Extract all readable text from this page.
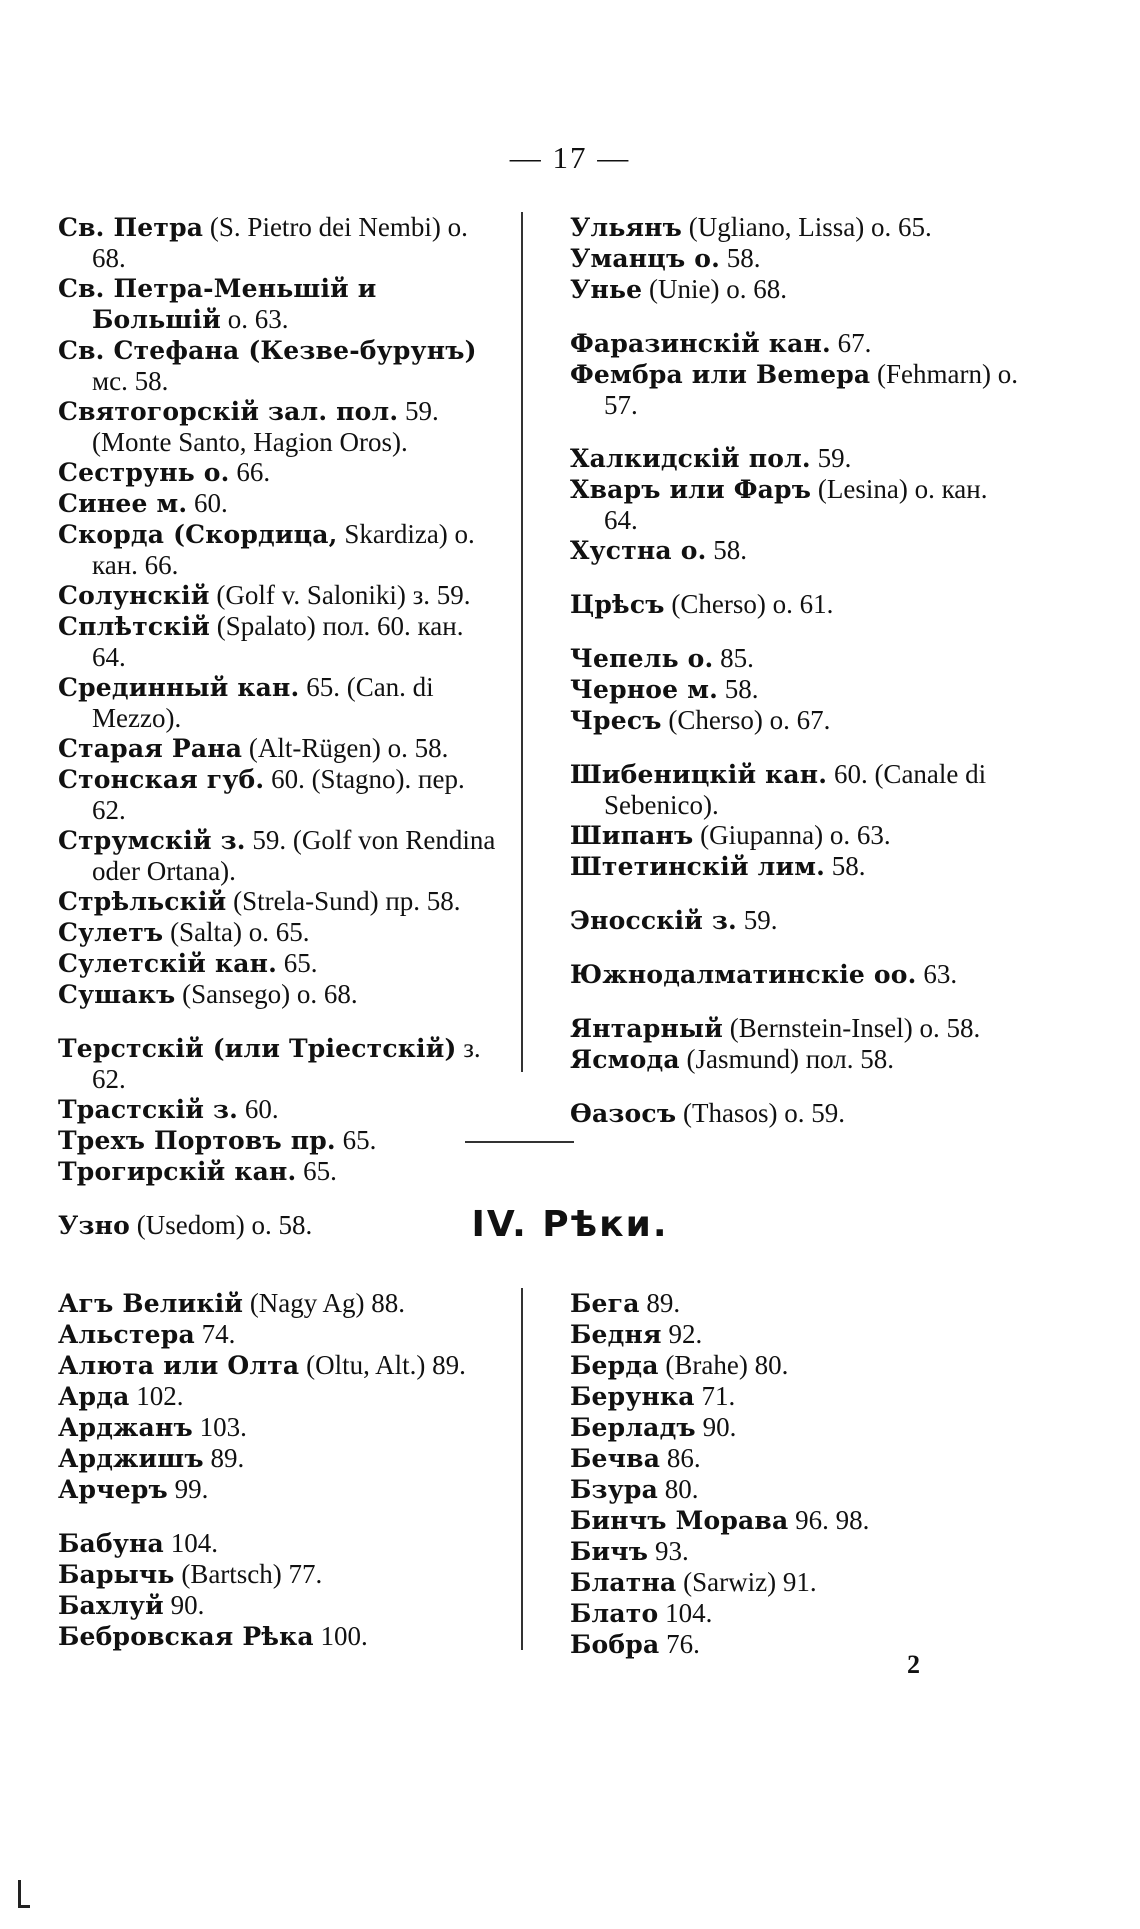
— 17 —
Св. Петра (S. Pietro dei Nembi) о. 68.
Св. Петра-Меньшій и Большій о. 63.
Св. Стефана (Кезве-бурунъ) мс. 58.
Святогорскій зал. пол. 59. (Monte Santo, Hagion Oros).
Сеструнь о. 66.
Синее м. 60.
Скорда (Скордица, Skardiza) о. кан. 66.
Солунскій (Golf v. Saloniki) з. 59.
Сплѣтскій (Spalato) пол. 60. кан. 64.
Срединный кан. 65. (Can. di Mezzo).
Старая Рана (Alt-Rügen) о. 58.
Стонская губ. 60. (Stagno). пер. 62.
Струмскій з. 59. (Golf von Rendina oder Ortana).
Стрѣльскій (Strela-Sund) пр. 58.
Сулетъ (Salta) о. 65.
Сулетскій кан. 65.
Сушакъ (Sansego) о. 68.
Терстскій (или Тріестскій) з. 62.
Трастскій з. 60.
Трехъ Портовъ пр. 65.
Трогирскій кан. 65.
Узно (Usedom) о. 58.
Ульянъ (Ugliano, Lissa) о. 65.
Уманцъ о. 58.
Унье (Unie) о. 68.
Фаразинскій кан. 67.
Фембра или Веmера (Fehmarn) о. 57.
Халкидскій пол. 59.
Хваръ или Фаръ (Lesina) о. кан. 64.
Хустна о. 58.
Црѣсъ (Cherso) о. 61.
Чепель о. 85.
Черное м. 58.
Чресъ (Cherso) о. 67.
Шибеницкій кан. 60. (Canale di Sebenico).
Шипанъ (Giupanna) о. 63.
Штетинскій лим. 58.
Эноccкій з. 59.
Южнодалматинскіе оо. 63.
Янтарный (Bernstein-Insel) о. 58.
Ясмода (Jasmund) пол. 58.
Ѳазосъ (Thasos) о. 59.
IV. Рѣки.
Агъ Великій (Nagy Ag) 88.
Альстера 74.
Алюта или Олта (Oltu, Alt.) 89.
Арда 102.
Арджанъ 103.
Арджишъ 89.
Арчеръ 99.
Бабуна 104.
Барычь (Bartsch) 77.
Бахлуй 90.
Бебровская Рѣка 100.
Бега 89.
Бедня 92.
Берда (Brahe) 80.
Берунка 71.
Берладъ 90.
Бечва 86.
Бзура 80.
Бинчъ Морава 96. 98.
Бичъ 93.
Блатна (Sarwiz) 91.
Блато 104.
Бобра 76.
2
